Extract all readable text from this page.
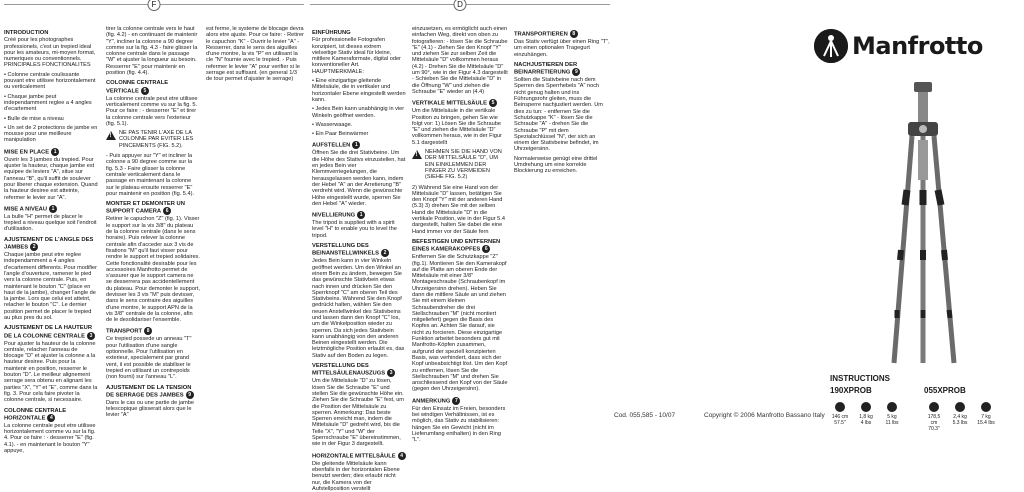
F	D
INTRODUCTION

Créé pour les photographes professionels, c'est un trepied ideal pour les amateurs, mi-moyen format, numeriques ou conventionnels. PRINCIPALES FONCTIONALITES

• Colonne centrale coulissante pouvant etre utilisee horizontalement ou verticalement

• Chaque jambe peut independamment reglee a 4 angles d'ecartement

• Bulle de mise a niveau

• Un set de 2 protections de jambe en mousse pour une meilleure manipulation

MISE EN PLACE 1

Ouvrir les 3 jambes du trepied. Pour ajuster la hauteur, chaque jambe est equipee de leviers "A", situe sur l'anneau "B", qu'il suffit de soulever pour liberer chaque extension. Quand la hauteur desiree est atteinte, refermer le levier sur "A".

MISE A NIVEAU 1

La bulle "H" permet de placer le trepied a niveau quelque soit l'endroit d'utilisation.

AJUSTEMENT DE L'ANGLE DES JAMBES 2

Chaque jambe peut etre reglee independamment a 4 angles d'ecartement differents. Pour modifier l'angle d'ouverture, ramener le pied vers la colonne centrale. Puis, en maintenant le bouton "C" (place en haut de la jambe), changer l'angle de la jambe. Lors que celui est atteint, relacher le bouton "C". Le dernier position permet de placer le trepied au plus pres du sol.

AJUSTEMENT DE LA HAUTEUR DE LA COLONNE CENTRALE 3

Pour ajuster la hauteur de la colonne centrale, relacher l'anneau de blocage "D" et ajuster la colonne a la hauteur desiree. Puis pour la maintenir en position, resserrer le bouton "D". Le meilleur alignement serrage sera obtenu en alignant les parties "X", "Y" et "E", comme dans la fig. 3. Pour cela faire pivoter la colonne centrale, si necessaire.

COLONNE CENTRALE HORIZONTALE 4

La colonne centrale peut etre utilisee horizontalement comme vu sur la fig. 4. Pour ce faire : - desserrer "E" (fig. 4.1). - en maintenant le bouton "Y" appuye,

tirer la colonne centrale vers le haut (fig. 4.2) - en continuant de maintenir "Y", incliner la colonne a 90 degree comme sur la fig. 4.3 - faire glisser la colonne centrale dans le passage "W" et ajuster la longueur au besoin. Resserrer "E" pour maintenir en position (fig. 4.4).

COLONNE CENTRALE VERTICALE 5

La colonne centrale peut etre utilisee verticalement comme vu sur la fig. 5. Pour ce faire : - desserrer "E" et tirer la colonne centrale vers l'exterieur (fig. 5.1).

!
NE PAS TENIR L'AXE DE LA COLONNE PAR EVITER LES PINCEMENTS (FIG. 5.2).

- Puis appuyer sur "Y" et incliner la colonne a 90 degree comme sur la fig. 5.3 - Faire glisser la colonne centrale verticalement dans le passage en maintenant la colonne sur le plateau ensuite resserrer "E" pour maintenir en position (fig. 5.4).

MONTER ET DEMONTER UN SUPPORT CAMERA 6

Retirer le capuchon "Z" (fig. 1). Visser le support sur la vis 3/8" du plateau de la colonne centrale (dans le sens horaire). Puis relever la colonne centrale afin d'acceder aux 3 vis de fixations "M" qu'il faut visser pour rendre le support et trepied solidaires. Cette fonctionalité desirable pour les accessoires Manfrotto permet de s'assurer que le support camera ne se desserrera pas accidentellement du plateau. Pour demonter le support, devisser les 3 vis "M" puis devisser, dans le sens contraire des aiguilles d'une montre, le support APN de la vis 3/8" centrale de la colonne, afin de le desolidariser l'ensemble.

TRANSPORT 8

Ce trepied possede un anneau "T" pour l'utilisation d'une sangle optionnelle. Pour l'utilisation en exterieur, specialement par grand vent, il est possible de stabiliser le trepied en utilisant un contrepoids (non fourni) sur l'anneau "L".

AJUSTEMENT DE LA TENSION DE SERRAGE DES JAMBES 9

Dans le cas ou une partie de jambe telescopique glisserait alors que le levier "A"

est ferme, le systeme de blocage devra alors etre ajuste. Pour ce faire: - Retirer le capuchon "K" - Ouvrir le levier "A" - Resserrer, dans le sens des aiguilles d'une montre, la vis "P" en utilisant la cle "N" fournie avec le trepied. - Puis refermer le levier "A" pour verifier si le serrage est suffisant. (en general 1/3 de tour permet d'ajuster le serrage)

EINFÜHRUNG

Für professionelle Fotografen konzipiert, ist dieses extrem vielseitige Stativ ideal für kleine, mittlere Kameraformate, digital oder konventioneller Art. HAUPTMERKMALE:

• Eine einzigartige gleitende Mittelsäule, die in vertikaler und horizontaler Ebene eingestellt werden kann.

• Jedes Bein kann unabhängig in vier Winkeln geöffnet werden.

• Wasserwaage.

• Ein Paar Beinwärmer

AUFSTELLEN 1

Öffnen Sie die drei Stativbeine. Um die Höhe des Stativs einzustellen, hat en jedes Bein vier Klemmverriegelungen, die herausgelassen werden kann, indem der Hebel "A" an der Arretierung "B" verdreht wird. Wenn die gewünschte Höhe eingestellt wurde, sperren Sie den Hebel "A" wieder.

NIVELLIERUNG 1

The tripod is supplied with a spirit level "H" to enable you to level the tripod.

VERSTELLUNG DES BEINANSTELLWINKELS 2

Jedes Bein kann in vier Winkeln geöffnet werden. Um den Winkel an einem Bein zu ändern, bewegen Sie das gewünschte Stativbein etwas nach innen und drücken Sie den Sperrknopf "C" am oberen Teil des Stativbeins. Während Sie den Knopf gedrückt halten, wählen Sie den neuen Anstellwinkel des Stativbeins und lassen dann den Knopf "C" los, um die Winkelposition wieder zu sperren. Da sich jedes Stativbein kann unabhängig von den anderen Beinen eingestellt werden. Die letztmögliche Position erlaubt es, das Stativ auf den Boden zu legen.

VERSTELLUNG DES MITTELSÄULENAUSZUGS 3

Um die Mittelsäule "D" zu lösen, lösen Sie die Schraube "E" und stellen Sie die gewünschte Höhe ein. Ziehen Sie die Schraube "E" fest, um die Position der Mittelsäule zu sperren. Anmerkung: Das beste Sperren erreicht man, indem die Mittelsäule "D" gedreht wird, bis die Teile "X", "Y" und "W" der Sperrschraube "E" übereinstimmen, wie in der Figur 3 dargestellt.

HORIZONTALE MITTELSÄULE 4

Die gleitende Mittelsäule kann ebenfalls in der horizontalen Ebene benutzt werden; dies erlaubt nicht nur, die Kamera von der Aufstellposition verstellt

einzusetzen, es ermöglicht auch einen einfachen Weg, direkt von oben zu fotografieren: - lösen Sie die Schraube "E" (4.1) - Ziehen Sie den Knopf "Y" und ziehen Sie zur selben Zeit die Mittelsäule "D" vollkommen heraus (4.2) - Drehen Sie die Mittelsäule "D" um 90°, wie in der Figur 4.3 dargestellt - Schieben Sie die Mittelsäule "D" in die Öffnung "W" und ziehen die Schraube "E" wieder an (4.4)

VERTIKALE MITTELSÄULE 5

Um die Mittelsäule in die vertikale Position zu bringen, gehen Sie wie folgt vor: 1) Lösen Sie die Schraube "E" und ziehen die Mittelsäule "D" vollkommen heraus, wie in der Figur 5.1 dargestellt

!
NEHMEN SIE DIE HAND VON DER MITTELSÄULE "D", UM EIN EINKLEMMEN DER FINGER ZU VERMEIDEN (SIEHE FIG. 5.2)

2) Während Sie eine Hand von der Mittelsäule "D" lassen, betätigen Sie den Knopf "Y" mit der anderen Hand (5.3) 3) drehen Sie mit der selben Hand die Mittelsäule "D" in die vertikale Position, wie in der Figur 5.4 dargestellt, halten Sie dabei die eine Hand immer vor der Säule fern

BEFESTIGEN UND ENTFERNEN EINES KAMERAKOPFES 6

Entfernen Sie die Schutzkappe "Z" (fig.1). Montieren Sie den Kamerakopf auf die Platte am oberen Ende der Mittelsäule mit einer 3/8" Montageschraube (Schraubenkopf im Uhrzeigersinn drehen). Heben Sie dann die mittlere Säule an und ziehen Sie mit einem kleinen Schraubendreher die drei Stellschrauben "M" (nicht montiert mitgeliefert) gegen die Basis des Kopfes an. Achten Sie darauf, sie nicht zu forcieren. Diese einzigartige Funktion arbeitet besonders gut mit Manfrotto-Köpfen zusammen, aufgrund der speziell konzipierten Basis, was verhindert, dass sich der Kopf unbeabsichtigt löst. Um den Kopf zu entfernen, lösen Sie die Stellschrauben "M" und drehen Sie anschliessend den Kopf von der Säule (gegen den Uhrzeigersinn).

ANMERKUNG 7

Für den Einsatz im Freien, besonders bei windigen Verhältnissen, ist es möglich, das Stativ zu stabilisieren: hängen Sie ein Gewicht (nicht im Lieferumfang enthalten) in den Ring "L".

TRANSPORTIEREN 8

Das Stativ verfügt über einen Ring "T", um einen optionalen Tragegurt einzuhängen.

NACHJUSTIEREN DER BEINARRETIERUNG 9

Sollten die Stativbeine nach dem Sperren des Sperrhebels "A" noch nicht genug halten und ins Führungsrohr gleiten, muss die Beinsperre nachjustiert werden. Um dies zu tun: - entfernen Sie die Schutzkappe "K" - lösen Sie die Schraube "A" - drehen Sie die Schraube "P" mit dem Spezialschlüssel "N", der sich an einem der Stativbeine befindet, im Uhrzeigersinn.

Normalerweise genügt eine drittel Umdrehung um eine korrekte Blockierung zu erreichen.

Cod. 055,585 - 10/07	Copyright © 2006 Manfrotto Bassano Italy
Manfrotto
INSTRUCTIONS
190XPROB	055XPROB
146 cm
57.5"
1,8 kg
4 lbs
5 kg
11 lbs
178,5 cm
70.3"
2,4 kg
5.3 lbs
7 kg
15.4 lbs
